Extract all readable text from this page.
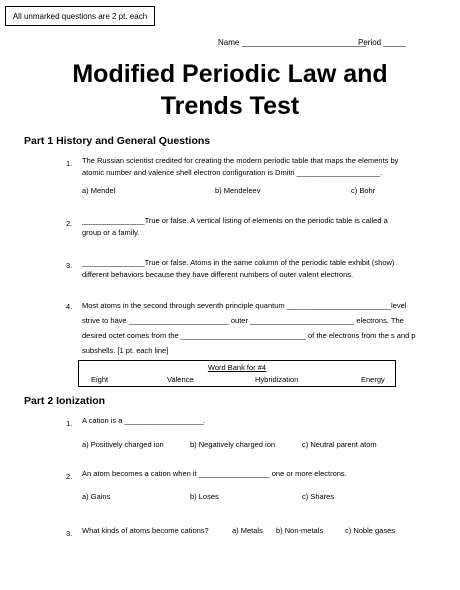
All unmarked questions are 2 pt. each
Name ____________________________
Period _____
Modified Periodic Law and
Trends Test
Part 1 History and General Questions
1. The Russian scientist credited for creating the modern periodic table that maps the elements by
atomic number and valence shell electron configuration is Dmitri ____________________.
a) Mendel	b) Mendeleev	c) Bohr
2. _______________True or false. A vertical listing of elements on the periodic table is called a
group or a family.
3. _______________True or false. Atoms in the same column of the periodic table exhibit (show)
different behaviors because they have different numbers of outer valent electrons.
4. Most atoms in the second through seventh principle quantum _________________________level
strive to have ________________________ outer _________________________ electrons. The
desired octet comes from the ______________________________ of the electrons from the s and p
subshells. [1 pt. each line]
Word Bank for #4
Eight	Valence	Hybridization	Energy
Part 2 Ionization
1. A cation is a ___________________.
a) Positively charged ion	b) Negatively charged ion	c) Neutral parent atom
2. An atom becomes a cation when it _________________ one or more electrons.
a) Gains	b) Loses	c) Shares
3. What kinds of atoms become cations?	a) Metals b) Non-metals	c) Noble gases
